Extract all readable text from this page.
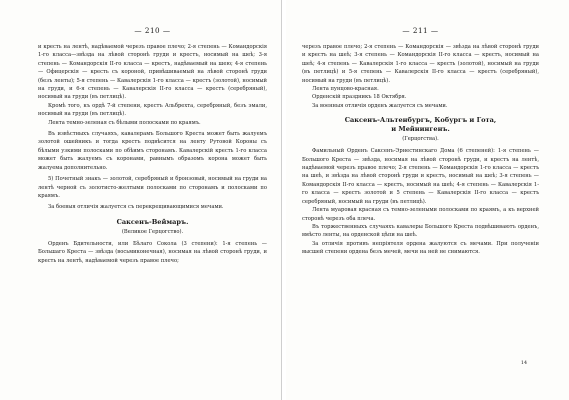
— 210 —

и кресть на лентѣ, надѣваемой черезъ правое плечо; 2-я степень — Командорскія 1-го класса—звѣзда на лѣвой сторонѣ груди и крестъ, носимый на шеѣ; 3-я степень — Командорскія II-го класса — крестъ, надѣваемый на шею; 4-я степень — Офицерскія — кресть съ короной, привѣшиваемый на лѣвой сторонѣ груди (безъ ленты); 5-я степень — Кавалерскія 1-го класса — крестъ (золотой), носимый на груди, и 6-я степень — Кавалерскія II-го класса — крестъ (серебряный), носимый на груди (въ петлицѣ).

Кромѣ того, къ ордѣ 7-й степени, крестъ Альбрехта, серебряный, безъ эмали, носимый на груди (въ петлицѣ).

Лента темно-зеленая съ бѣлыми полосками по краямъ.

Въ извѣстныхъ случаяхъ, кавалерамъ Большого Креста может быть жалуемъ золотой ошейникъ и тогда крестъ подвѣсится на ленту Рутовой Короны съ бѣлыми узкими полосками по обѣимъ сторонамъ. Кавалерскій кресть 1-го класса может быть жалуемъ съ коронами, равнымъ образомъ корона может быть жалуема дополнительно.

5) Почетный знакъ — золотой, серебряный и бронзовый, носимый на груди на лентѣ черной съ золотисто-желтыми полосками по сторонамъ и полосками по краямъ.

За боевыя отличія жалуется съ перекрещивающимися мечами.

Саксенъ-Веймаръ.
(Великое Герцогство).

Орденъ Бдительности, или Бѣлаго Сокола (3 степени): 1-я степень — Большаго Креста — звѣзда (восьмиконечная), носимая на лѣвой сторонѣ груди, и кресть на лентѣ, надѣваемой черезъ правое плечо;

— 211 —

черезъ правое плечо; 2-я степень — Командорскія — звѣзда на лѣвой сторонѣ груди и крестъ на шеѣ; 3-я степень — Командорскія II-го класса — крестъ, носимый на шеѣ; 4-я степень — Кавалерскія 1-го класса — кресть (золотой), носимый на груди (въ петлицѣ) и 5-я степень — Кавалерскія II-го класса — крестъ (серебряный), носимый на груди (въ петлицѣ).

Лента пунцово-красная.

Орденскій праздникъ 18 Октября.

За военныя отличія орденъ жалуется съ мечами.

Саксенъ-Альтенбургъ, Кобургъ и Гота,
и Мейнингенъ.
(Герцогства).

Фамильный Орденъ Саксенъ-Эрнестинскаго Дома (6 степеней): 1-я степень — Большого Креста — звѣзда, носимая на лѣвой сторонѣ груди, и крестъ на лентѣ, надѣваемой черезъ правое плечо; 2-я степень — Командорскія 1-го класса — крестъ на шеѣ, и звѣзда на лѣвой сторонѣ груди и крестъ, носимый на шеѣ; 3-я степень — Командорскія II-го класса — крестъ, носимый на шеѣ; 4-я степень — Кавалерскія 1-го класса — крестъ золотой и 5 степень — Кавалерскія II-го класса — крестъ серебряный, носимый на груди (въ петлицѣ).

Лента муаровая красная съ темно-зелеными полосками по краямъ, а къ верхней сторонѣ черезъ оба плеча.

Въ торжественныхъ случаяхъ кавалеры Большого Креста подвѣшиваютъ орденъ, вмѣсто ленты, на орденской цѣпи на шеѣ.

За отличія противъ непріятеля ордена жалуются съ мечами. При полученіи высшей степени ордена безъ мечей, мечи на ней не снимаются.

14
